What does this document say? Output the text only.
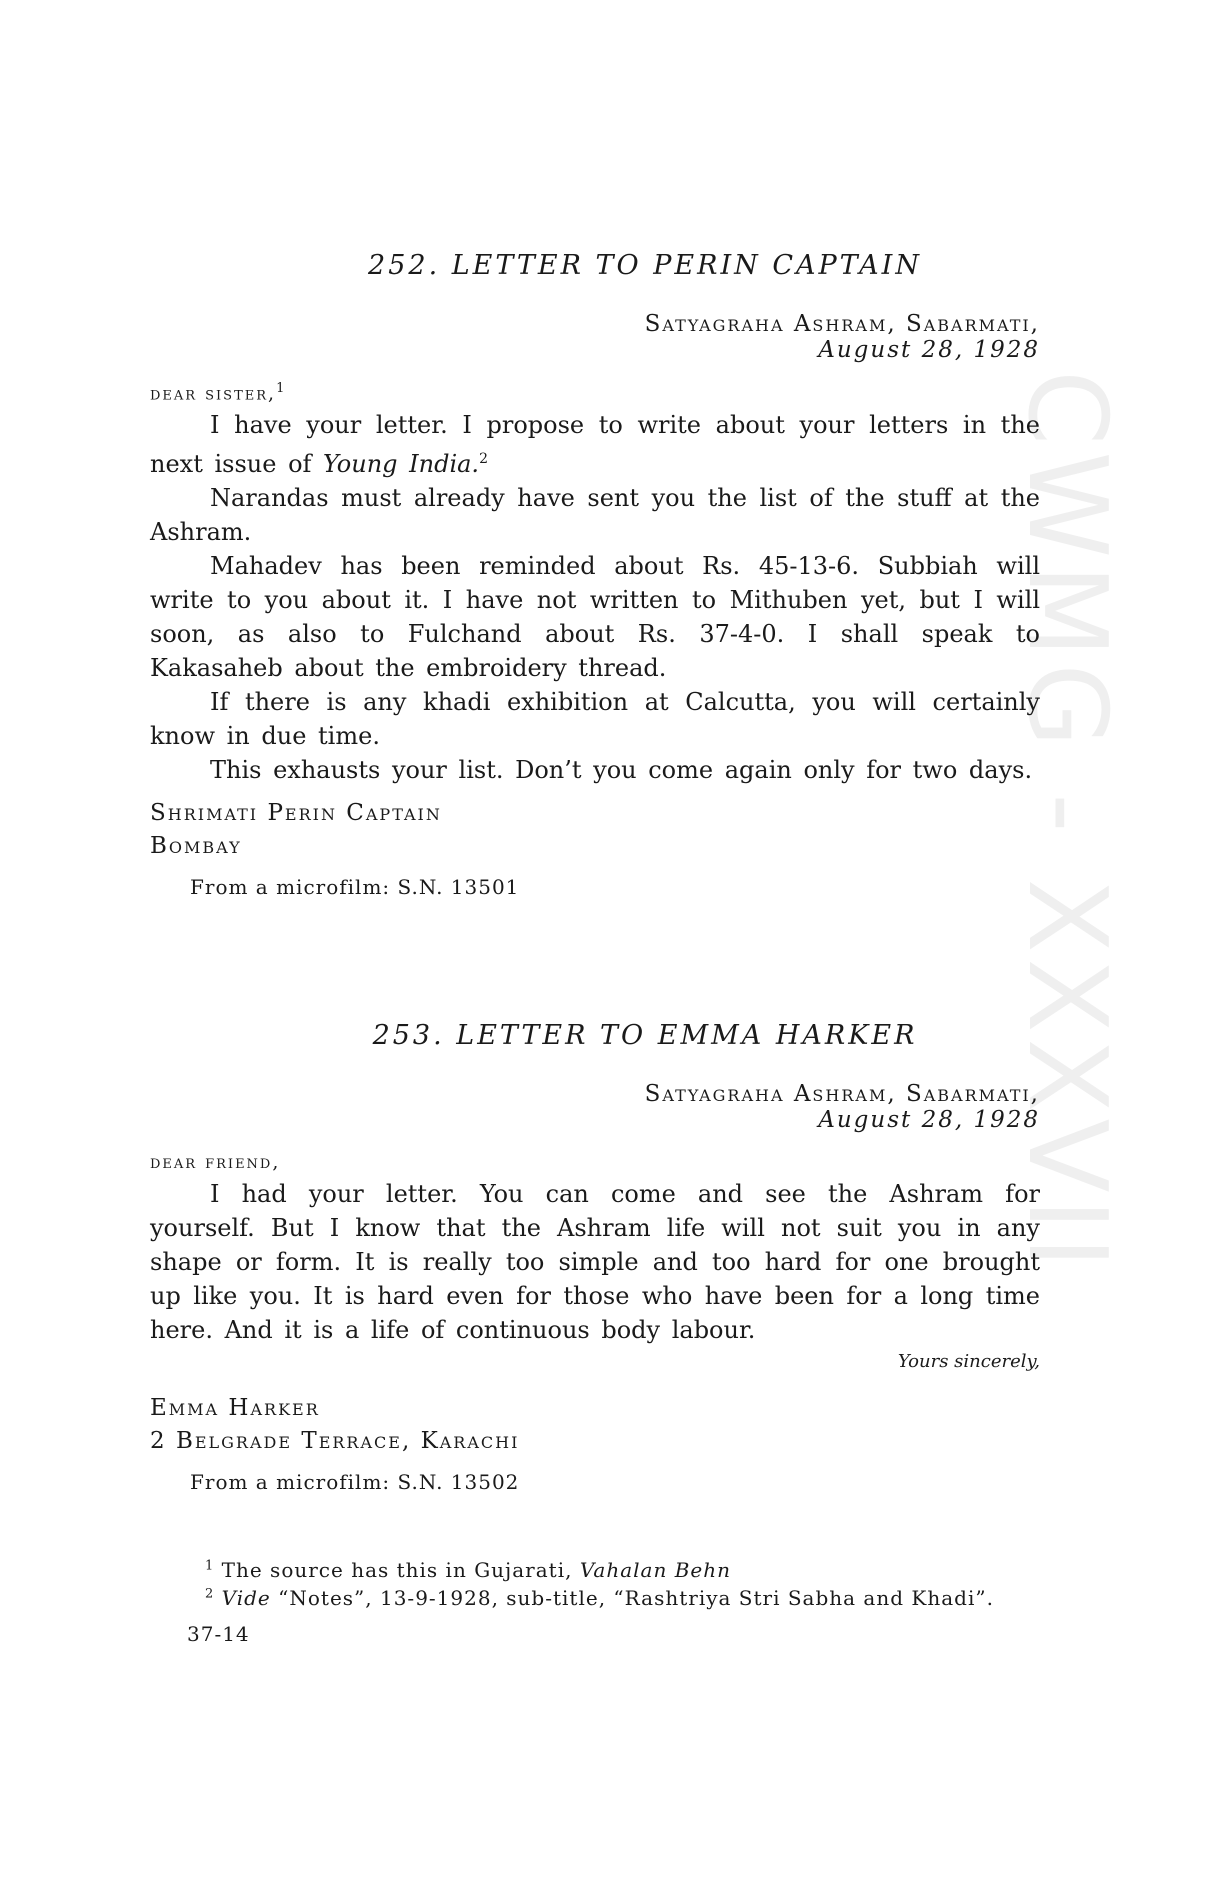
CWMG - XXXVII

252. LETTER TO PERIN CAPTAIN

Satyagraha Ashram, Sabarmati,

August 28, 1928

dear sister,$^1$

I have your letter. I propose to write about your letters in the next issue of Young India.$^2$

Narandas must already have sent you the list of the stuff at the Ashram.

Mahadev has been reminded about Rs. 45-13-6. Subbiah will write to you about it. I have not written to Mithuben yet, but I will soon, as also to Fulchand about Rs. 37-4-0. I shall speak to Kakasaheb about the embroidery thread.

If there is any khadi exhibition at Calcutta, you will certainly know in due time.

This exhausts your list. Don’t you come again only for two days.

Shrimati Perin Captain

Bombay

From a microfilm: S.N. 13501

253. LETTER TO EMMA HARKER

Satyagraha Ashram, Sabarmati,

August 28, 1928

dear friend,

I had your letter. You can come and see the Ashram for yourself. But I know that the Ashram life will not suit you in any shape or form. It is really too simple and too hard for one brought up like you. It is hard even for those who have been for a long time here. And it is a life of continuous body labour.

Yours sincerely,

Emma Harker

2 Belgrade Terrace, Karachi

From a microfilm: S.N. 13502

$^1$ The source has this in Gujarati, Vahalan Behn

$^2$ Vide “Notes”, 13-9-1928, sub-title, “Rashtriya Stri Sabha and Khadi”.

37-14
